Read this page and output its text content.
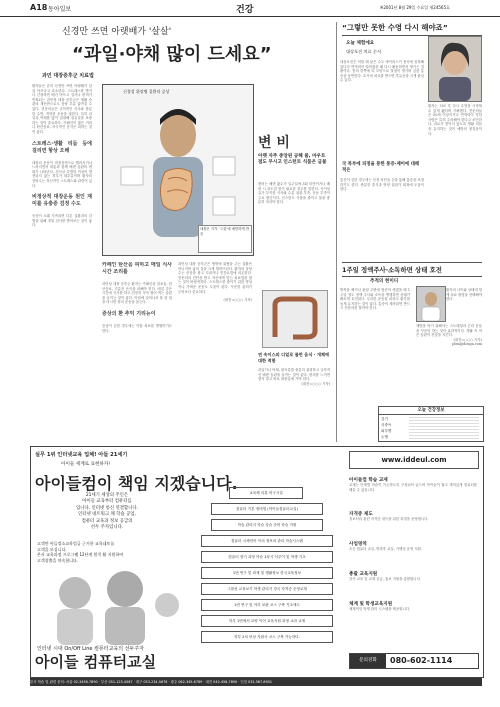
A18 동아일보	건강	※2001년 8월 29일 수요일 제24565호
신경만 쓰면 아랫배가 '살살'
“과일·야채 많이 드세요”
과민 대장증후군 치료법
환자들은 흔히 신경만 쓰면 아랫배가 살살 아프다고 호소한다. 스트레스를 받거나 긴장하면 배가 아프고 설사나 변비가 반복되는 과민성 대장 증후군은 생활 습관의 개선만으로도 상당 부분 좋아질 수 있다. 전문의들은 규칙적인 식사와 충분한 수면, 적당한 운동을 권한다. 특히 과일과 야채를 많이 섭취해 섬유질을 보충하는 것이 중요하다. 카페인이 많은 커피나 탄산음료, 자극적인 음식은 피하는 것이 좋다.
스트레스·생활 리듬 등에 걸리면 항상 오해
대장의 운동이 비정상적으로 빨라지거나 느려지면서 복통과 함께 배변 습관의 변화가 나타난다. 검사상 특별한 이상이 발견되지 않는 경우가 대부분이며 환자의 상당수는 정신적인 스트레스와 관련이 있다.
비정상적 대장운동 원인 재미를 유충증 검정 수도
증상이 오래 지속되면 다른 질환과의 감별을 위해 정밀 검사를 받아보는 것이 좋다.
신경성 위장병 질환의 증상
대장은 기가 ‘그것’에 예민하게 반응
카페인 탄산음 피하고 매일 식사시간 조리를
과민성 대장 증후군 환자는 카페인과 알코올, 탄산음료, 기름진 음식을 피해야 한다. 매일 같은 시간에 식사를 하고 천천히 꼭꼭 씹어 먹는 습관을 들이는 것이 좋다. 아침에 일어나서 물 한 컵을 마시면 장의 운동을 돕는다.
증상의 환 추익 기리뉴이
증상이 심한 경우에는 약물 치료를 병행하기도 한다.
과민성 대장 증후군은 생명에 위협을 주는 질환은 아니지만 삶의 질을 크게 떨어뜨린다. 환자의 상당수는 증상을 참고 지내거나 민간요법에 의존한다. 전문의의 진단을 받고 자신에게 맞는 치료법을 찾는 것이 바람직하다. 스트레스를 줄이기 위한 명상이나 가벼운 운동도 도움이 된다. 꾸준한 관리가 무엇보다 중요하다.
(대전=○○○ 기자)
변 비
아랫 자주 중앙된 공해 물, 마우트 점도 무시고 인스턴트 식품은 금물
변비는 배변 횟수가 일주일에 3회 미만이거나 배변 시 과도한 힘이 필요한 경우를 말한다. 식이섬유가 부족한 식사와 수분 섭취 부족, 운동 부족이 주요 원인이다. 인스턴트 식품을 줄이고 물을 충분히 마셔야 한다.
연 속이스의 디얼로 물만 음식 · 개체에 대한 적합
과일이나 야채, 잡곡류를 충분히 섭취하고 규칙적인 배변 습관을 들이는 것이 좋다. 변의를 느끼면 참지 말고 바로 화장실에 가야 한다.
(대전=○○○ 기자)
“그렇만 못한 수영 다시 해야죠”
오늘 체험에요
대상포진 치료 순서
대상포진은 어릴 때 앓은 수두 바이러스가 몸속에 잠복해 있다가 면역력이 떨어졌을 때 다시 활동하면서 생기는 질환이다. 몸의 한쪽에 띠 모양으로 물집이 생기며 심한 통증을 동반한다. 초기에 치료를 받으면 후유증을 크게 줄일 수 있다.
국 복부에 피정을 통한 통증·제어에 대해 적은
통증이 심한 경우에는 신경 차단술 등을 통해 통증을 조절하기도 한다. 충분한 휴식과 영양 섭취가 회복에 도움이 된다.
환자는 치료 후 다시 수영을 시작할 수 있게 됐다며 기뻐했다. 전문의들은 50세 이상이거나 면역력이 약한 사람은 특히 주의해야 한다고 조언한다. 피로가 쌓이지 않도록 생활 리듬을 유지하는 것이 예방의 첫걸음이다.
1주일 정액주사·소독하면 상태 호전
추적의 현미디
발목을 삐거나 관절 주변에 염증이 생겼을 때 1주일 정도 정액 주사와 소독을 병행하면 상태가 빠르게 호전된다. 무리한 운동을 피하고 환부를 높게 유지하는 것이 좋다. 통증이 계속되면 반드시 전문의를 찾아야 한다.
환자의 나이와 상태에 맞게 치료 방법을 선택해야 한다.
재발을 막기 위해서는 스트레칭과 근력 운동을 꾸준히 하는 것이 효과적이다. 생활 속 작은 습관이 건강을 지킨다.
(대전=○○○ 기자)
pbm@donga.com
오늘 건강정보
감기
식중독
피부병
눈병
실무 1위 인터넷교육 업체! 아들 21세기
아이들 세계로 표현하자!
아이들컴이 책임 지겠습니다.
21세기 세상의 주인은
아이들 교육부터 컴퓨터를
입니다. 인터넷 통신 연결합니다.
인터넷 네트워크 채 학습 공업,
컴퓨터 교육과 정보 공급의
선두 주자입니다.
고객만 아들컴소교육업급 근거한 교육네트를
고객을 모십니다.
본사 교육과정 프로그램 12단계 원칙 활 지원하여
고객창출을 약속합니다.
인터넷 시대 On/Off Line 컴퓨터교육의 선두주자
아이들 컴퓨터교실
교육체 리뷰 어구시설
컴퓨터 기본 정비법 (아이들컴퓨터교실)
학습 관리지 학습 강습 준비 학습 지원
컴퓨터 국제언어 이의 정보의 관리 학습시스템
컴퓨터 장기 과정 학습 1차시 이루이 및 학생 기초
1번 연구 및 화재 및 생활정보 한국교육정보
그룹성 교육보기 학생 관리기 경국 자격증 운영교재
1번 연구 및 커리 보완 코스 구축 기초에도
학부 1번에서 교양 이어 교육지원 과정 교과 교재
학부 2차 비상 지원사 코스 구축 가능하다.
www.iddeul.com
아이들컴 학습 교재
교재는 단계별 학습이 가능하도록 구성되어 있으며 아이들이 쉽고 재미있게 컴퓨터를 배울 수 있습니다.
자격증 제도
정보처리 관련 자격증 취득을 위한 과정을 운영합니다.
사업영역
초등 컴퓨터 교실, 방과후 교실, 가맹점 운영 지원.
총괄 교육지원
강사 교육 및 교재 공급, 홍보 지원을 총괄합니다.
체계 및 학생교육지원
체계적인 학생 관리 시스템을 제공합니다.
문의전화	080-602-1114
본사 학습 및 관련 문의: 서울 02-3456-7890 · 부산 051-123-4567 · 대구 053-234-5678 · 광주 062-345-6789 · 대전 042-456-7890 · 인천 032-567-8901
